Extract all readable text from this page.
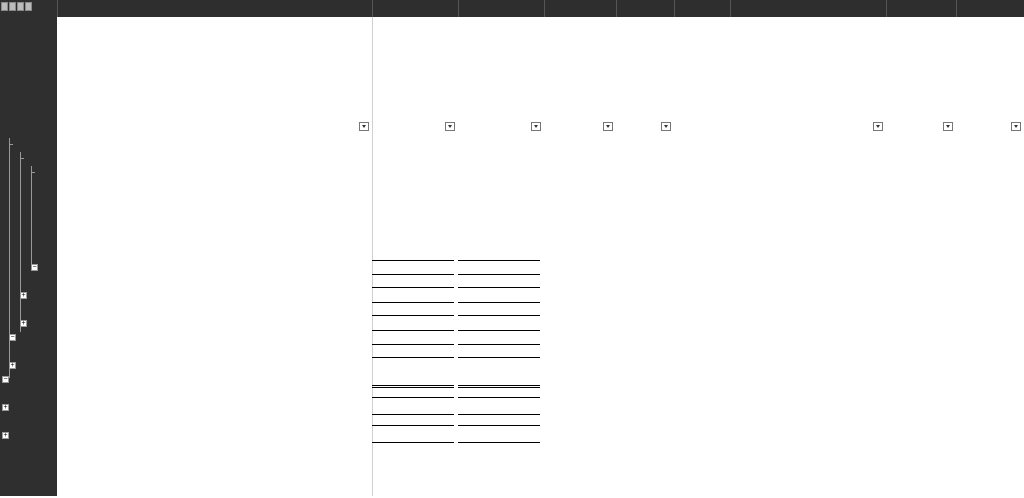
−
+
+
−
+
−
+
+
